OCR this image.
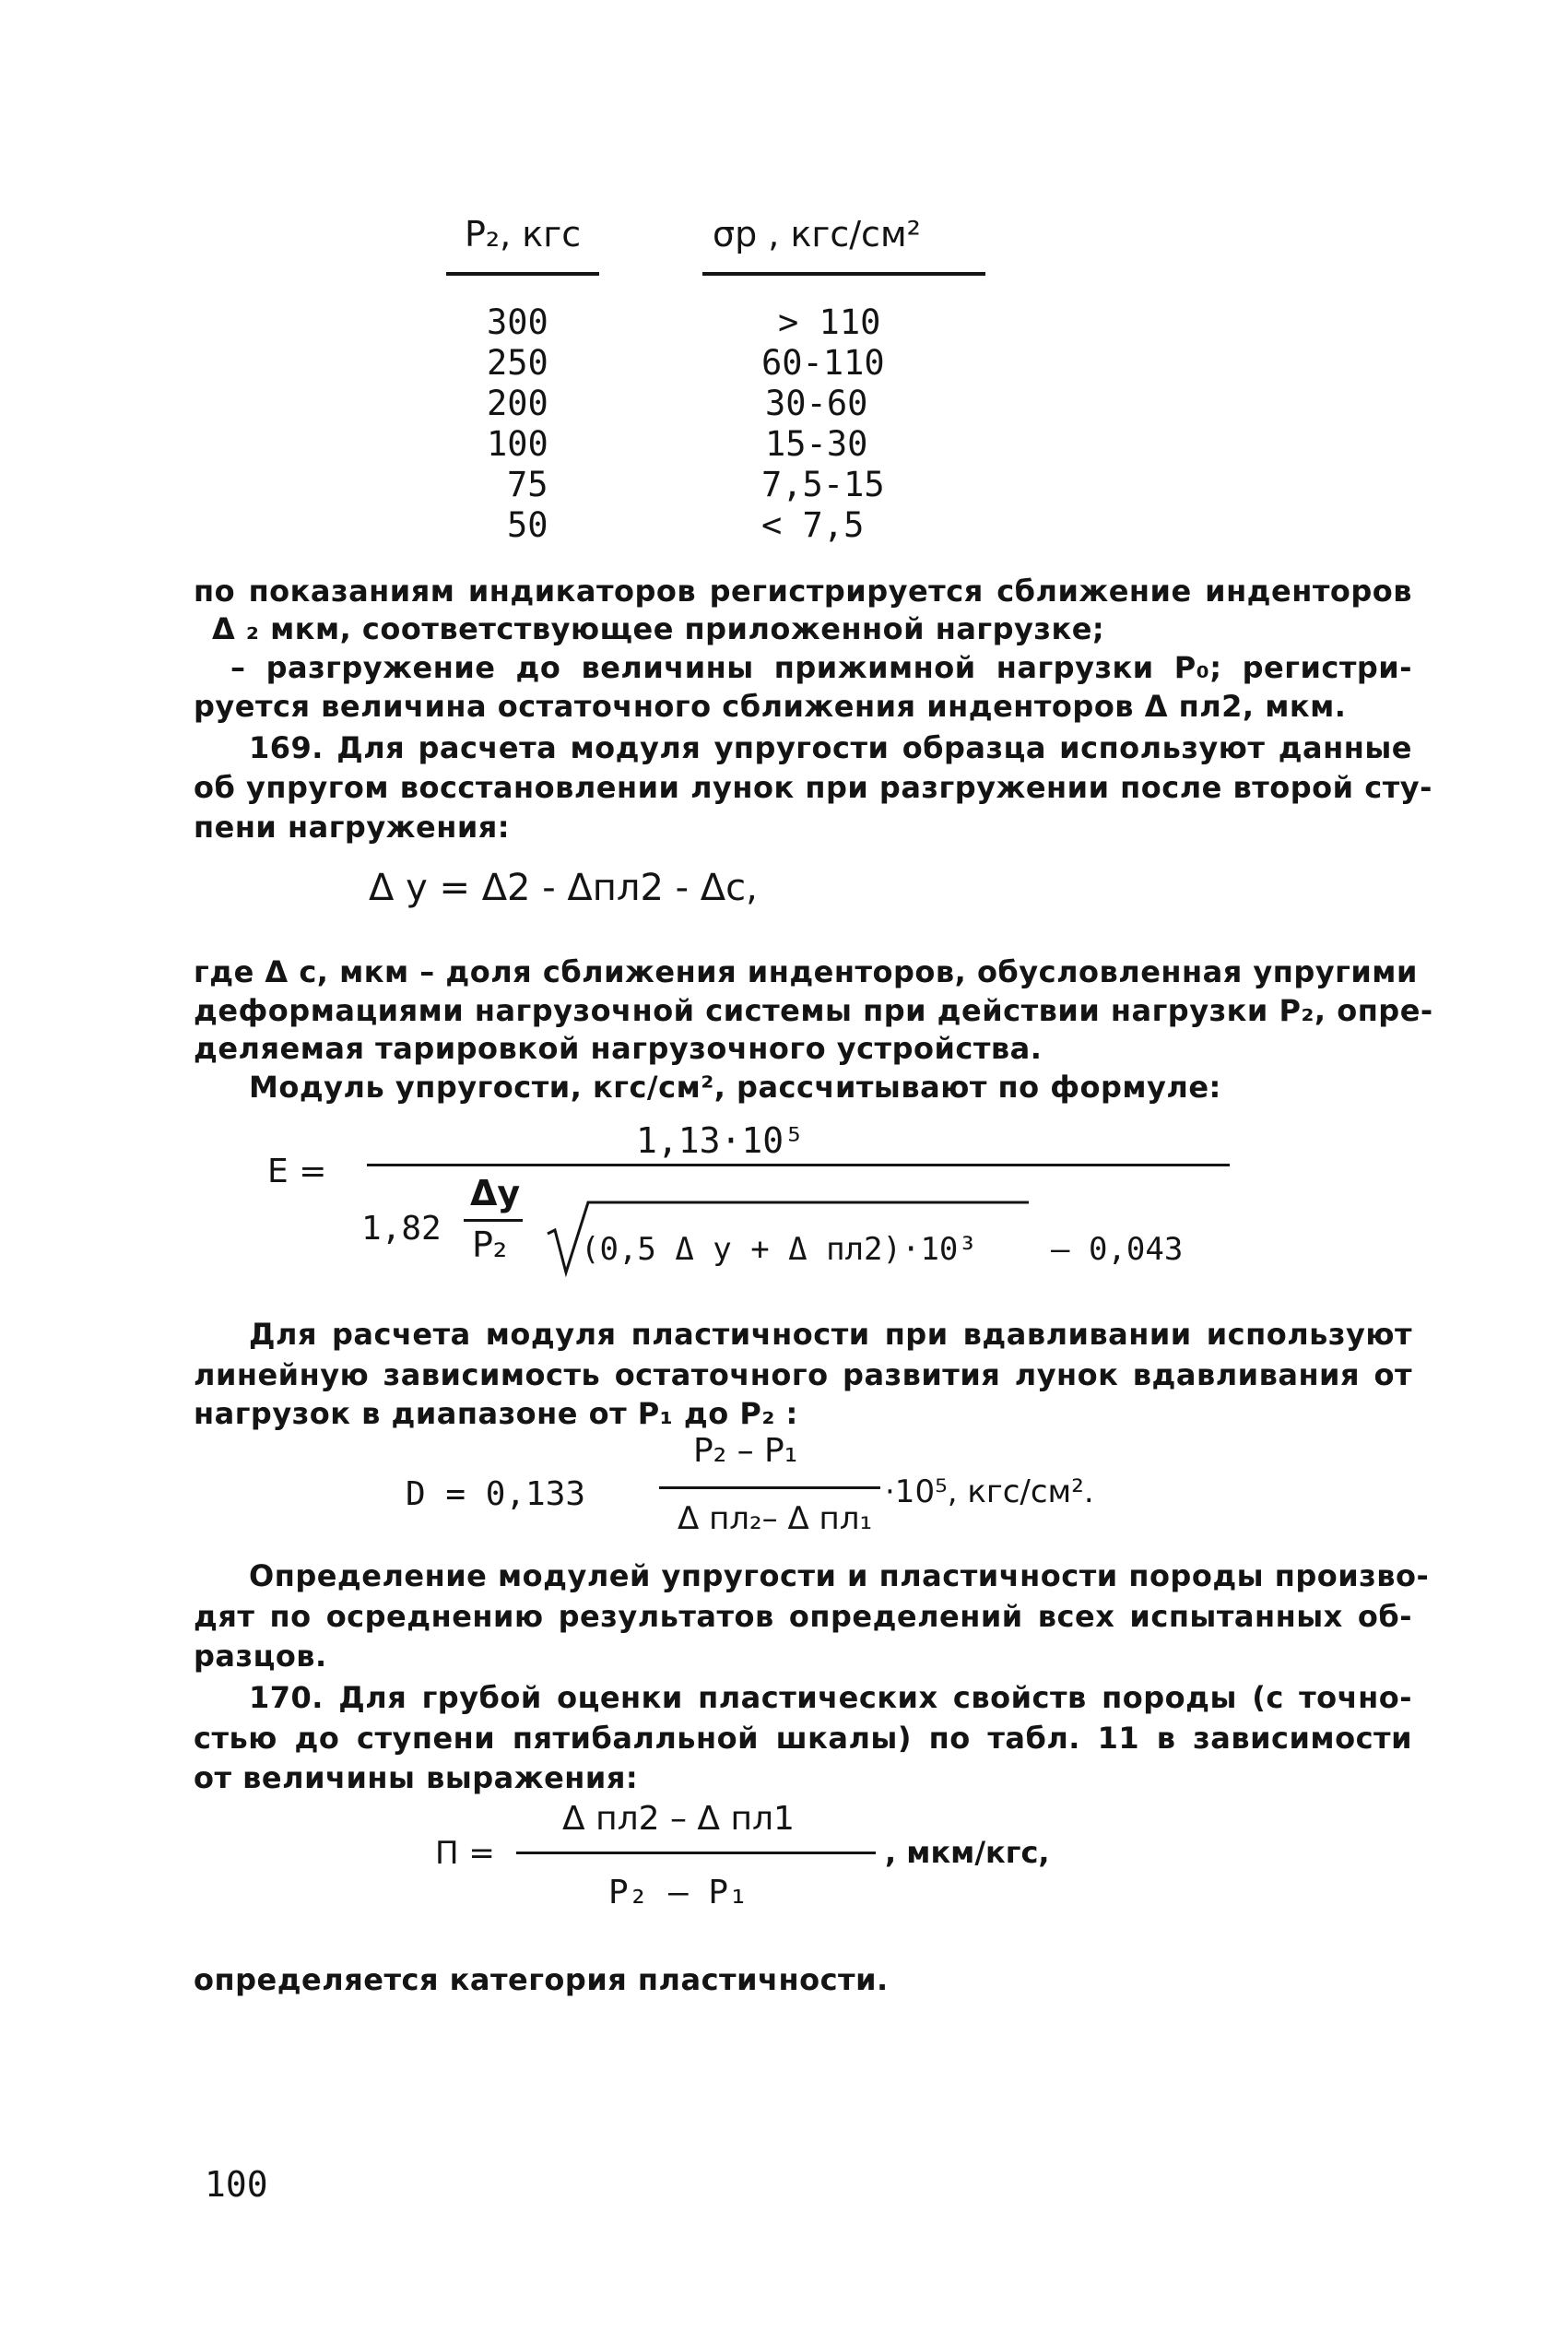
P₂, кгс	σр , кгс/см²
300	> 110
250	60-110
200	30-60
100	15-30
75	7,5-15
50	< 7,5
по показаниям индикаторов регистрируется сближение инденторов
Δ ₂ мкм, соответствующее приложенной нагрузке;
– разгружение до величины прижимной нагрузки P₀; регистри-
руется величина остаточного сближения инденторов Δ пл2, мкм.
169. Для расчета модуля упругости образца используют данные
об упругом восстановлении лунок при разгружении после второй сту-
пени нагружения:
Δ у = Δ2 - Δпл2 - Δс,
где Δ с, мкм – доля сближения инденторов, обусловленная упругими
деформациями нагрузочной системы при действии нагрузки P₂, опре-
деляемая тарировкой нагрузочного устройства.
Модуль упругости, кгс/см², рассчитывают по формуле:
E =
1,13·10⁵
1,82
Δy
P₂ (0,5 Δ у + Δ пл2)·10³ – 0,043
Для расчета модуля пластичности при вдавливании используют
линейную зависимость остаточного развития лунок вдавливания от
нагрузок в диапазоне от P₁ до P₂ :
D = 0,133
P₂ – P₁
Δ пл₂– Δ пл₁
·10⁵, кгс/см².
Определение модулей упругости и пластичности породы произво-
дят по осреднению результатов определений всех испытанных об-
разцов.
170. Для грубой оценки пластических свойств породы (с точно-
стью до ступени пятибалльной шкалы) по табл. 11 в зависимости
от величины выражения:
П =
Δ пл2 – Δ пл1
P₂ – P₁
, мкм/кгс,
определяется категория пластичности.
100
